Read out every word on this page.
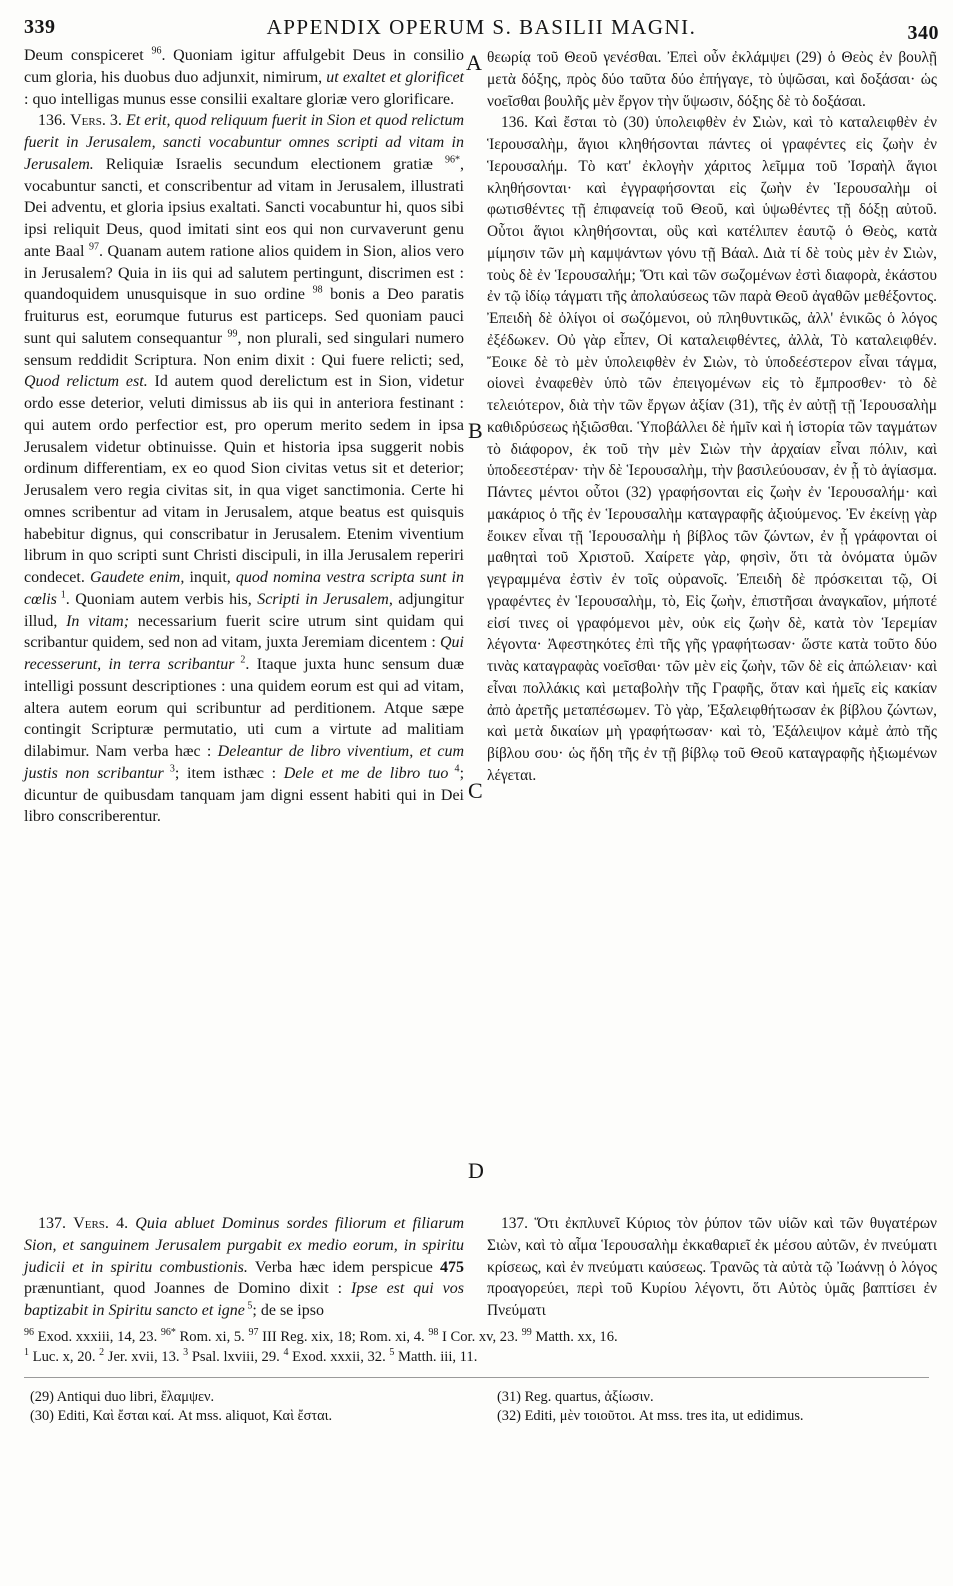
339	APPENDIX OPERUM S. BASILII MAGNI.	340
A
B
C
D

Deum conspiceret $^{96}$. Quoniam igitur affulgebit Deus in consilio cum gloria, his duobus duo adjunxit, nimirum, ut exaltet et glorificet : quo intelligas munus esse consilii exaltare gloriæ vero glorificare.

136. Vers. 3. Et erit, quod reliquum fuerit in Sion et quod relictum fuerit in Jerusalem, sancti vocabuntur omnes scripti ad vitam in Jerusalem. Reliquiæ Israelis secundum electionem gratiæ $^{96*}$, vocabuntur sancti, et conscribentur ad vitam in Jerusalem, illustrati Dei adventu, et gloria ipsius exaltati. Sancti vocabuntur hi, quos sibi ipsi reliquit Deus, quod imitati sint eos qui non curvaverunt genu ante Baal $^{97}$. Quanam autem ratione alios quidem in Sion, alios vero in Jerusalem? Quia in iis qui ad salutem pertingunt, discrimen est : quandoquidem unusquisque in suo ordine $^{98}$ bonis a Deo paratis fruiturus est, eorumque futurus est particeps. Sed quoniam pauci sunt qui salutem consequantur $^{99}$, non plurali, sed singulari numero sensum reddidit Scriptura. Non enim dixit : Qui fuere relicti; sed, Quod relictum est. Id autem quod derelictum est in Sion, videtur ordo esse deterior, veluti dimissus ab iis qui in anteriora festinant : qui autem ordo perfectior est, pro operum merito sedem in ipsa Jerusalem videtur obtinuisse. Quin et historia ipsa suggerit nobis ordinum differentiam, ex eo quod Sion civitas vetus sit et deterior; Jerusalem vero regia civitas sit, in qua viget sanctimonia. Certe hi omnes scribentur ad vitam in Jerusalem, atque beatus est quisquis habebitur dignus, qui conscribatur in Jerusalem. Etenim viventium librum in quo scripti sunt Christi discipuli, in illa Jerusalem reperiri condecet. Gaudete enim, inquit, quod nomina vestra scripta sunt in cœlis $^1$. Quoniam autem verbis his, Scripti in Jerusalem, adjungitur illud, In vitam; necessarium fuerit scire utrum sint quidam qui scribantur quidem, sed non ad vitam, juxta Jeremiam dicentem : Qui recesserunt, in terra scribantur $^2$. Itaque juxta hunc sensum duæ intelligi possunt descriptiones : una quidem eorum est qui ad vitam, altera autem eorum qui scribuntur ad perditionem. Atque sæpe contingit Scripturæ permutatio, uti cum a virtute ad malitiam dilabimur. Nam verba hæc : Deleantur de libro viventium, et cum justis non scribantur $^3$; item isthæc : Dele et me de libro tuo $^4$; dicuntur de quibusdam tanquam jam digni essent habiti qui in Dei libro conscriberentur.

137. Vers. 4. Quia abluet Dominus sordes filiorum et filiarum Sion, et sanguinem Jerusalem purgabit ex medio eorum, in spiritu judicii et in spiritu combustionis. Verba hæc idem perspicue 475 prænuntiant, quod Joannes de Domino dixit : Ipse est qui vos baptizabit in Spiritu sancto et igne $^5$; de se ipso

θεωρίᾳ τοῦ Θεοῦ γενέσθαι. Ἐπεὶ οὖν ἐκλάμψει (29) ὁ Θεὸς ἐν βουλῇ μετὰ δόξης, πρὸς δύο ταῦτα δύο ἐπήγαγε, τὸ ὑψῶσαι, καὶ δοξάσαι· ὡς νοεῖσθαι βουλῆς μὲν ἔργον τὴν ὕψωσιν, δόξης δὲ τὸ δοξάσαι.

136. Καὶ ἔσται τὸ (30) ὑπολειφθὲν ἐν Σιὼν, καὶ τὸ καταλειφθὲν ἐν Ἱερουσαλὴμ, ἅγιοι κληθήσονται πάντες οἱ γραφέντες εἰς ζωὴν ἐν Ἱερουσαλήμ. Τὸ κατ' ἐκλογὴν χάριτος λεῖμμα τοῦ Ἰσραὴλ ἅγιοι κληθήσονται· καὶ ἐγγραφήσονται εἰς ζωὴν ἐν Ἱερουσαλὴμ οἱ φωτισθέντες τῇ ἐπιφανείᾳ τοῦ Θεοῦ, καὶ ὑψωθέντες τῇ δόξῃ αὐτοῦ. Οὗτοι ἅγιοι κληθήσονται, οὓς καὶ κατέλιπεν ἑαυτῷ ὁ Θεὸς, κατὰ μίμησιν τῶν μὴ καμψάντων γόνυ τῇ Βάαλ. Διὰ τί δὲ τοὺς μὲν ἐν Σιὼν, τοὺς δὲ ἐν Ἱερουσαλήμ; Ὅτι καὶ τῶν σωζομένων ἐστὶ διαφορὰ, ἑκάστου ἐν τῷ ἰδίῳ τάγματι τῆς ἀπολαύσεως τῶν παρὰ Θεοῦ ἀγαθῶν μεθέξοντος. Ἐπειδὴ δὲ ὀλίγοι οἱ σωζόμενοι, οὐ πληθυντικῶς, ἀλλ' ἑνικῶς ὁ λόγος ἐξέδωκεν. Οὐ γὰρ εἶπεν, Οἱ καταλειφθέντες, ἀλλὰ, Τὸ καταλειφθέν. Ἔοικε δὲ τὸ μὲν ὑπολειφθὲν ἐν Σιὼν, τὸ ὑποδεέστερον εἶναι τάγμα, οἱονεὶ ἐναφεθὲν ὑπὸ τῶν ἐπειγομένων εἰς τὸ ἔμπροσθεν· τὸ δὲ τελειότερον, διὰ τὴν τῶν ἔργων ἀξίαν (31), τῆς ἐν αὐτῇ τῇ Ἱερουσαλὴμ καθιδρύσεως ἠξιῶσθαι. Ὑποβάλλει δὲ ἡμῖν καὶ ἡ ἱστορία τῶν ταγμάτων τὸ διάφορον, ἐκ τοῦ τὴν μὲν Σιὼν τὴν ἀρχαίαν εἶναι πόλιν, καὶ ὑποδεεστέραν· τὴν δὲ Ἱερουσαλὴμ, τὴν βασιλεύουσαν, ἐν ᾗ τὸ ἁγίασμα. Πάντες μέντοι οὗτοι (32) γραφήσονται εἰς ζωὴν ἐν Ἱερουσαλήμ· καὶ μακάριος ὁ τῆς ἐν Ἱερουσαλὴμ καταγραφῆς ἀξιούμενος. Ἐν ἐκείνῃ γὰρ ἔοικεν εἶναι τῇ Ἱερουσαλὴμ ἡ βίβλος τῶν ζώντων, ἐν ᾗ γράφονται οἱ μαθηταὶ τοῦ Χριστοῦ. Χαίρετε γὰρ, φησὶν, ὅτι τὰ ὀνόματα ὑμῶν γεγραμμένα ἐστὶν ἐν τοῖς οὐρανοῖς. Ἐπειδὴ δὲ πρόσκειται τῷ, Οἱ γραφέντες ἐν Ἱερουσαλὴμ, τὸ, Εἰς ζωὴν, ἐπιστῆσαι ἀναγκαῖον, μήποτέ εἰσί τινες οἱ γραφόμενοι μὲν, οὐκ εἰς ζωὴν δὲ, κατὰ τὸν Ἱερεμίαν λέγοντα· Ἀφεστηκότες ἐπὶ τῆς γῆς γραφήτωσαν· ὥστε κατὰ τοῦτο δύο τινὰς καταγραφὰς νοεῖσθαι· τῶν μὲν εἰς ζωὴν, τῶν δὲ εἰς ἀπώλειαν· καὶ εἶναι πολλάκις καὶ μεταβολὴν τῆς Γραφῆς, ὅταν καὶ ἡμεῖς εἰς κακίαν ἀπὸ ἀρετῆς μεταπέσωμεν. Τὸ γὰρ, Ἐξαλειφθήτωσαν ἐκ βίβλου ζώντων, καὶ μετὰ δικαίων μὴ γραφήτωσαν· καὶ τὸ, Ἐξάλειψον κἀμὲ ἀπὸ τῆς βίβλου σου· ὡς ἤδη τῆς ἐν τῇ βίβλῳ τοῦ Θεοῦ καταγραφῆς ἠξιωμένων λέγεται.

137. Ὅτι ἐκπλυνεῖ Κύριος τὸν ῥύπον τῶν υἱῶν καὶ τῶν θυγατέρων Σιὼν, καὶ τὸ αἷμα Ἱερουσαλὴμ ἐκκαθαριεῖ ἐκ μέσου αὐτῶν, ἐν πνεύματι κρίσεως, καὶ ἐν πνεύματι καύσεως. Τρανῶς τὰ αὐτὰ τῷ Ἰωάννῃ ὁ λόγος προαγορεύει, περὶ τοῦ Κυρίου λέγοντι, ὅτι Αὐτὸς ὑμᾶς βαπτίσει ἐν Πνεύματι

$^{96}$ Exod. xxxiii, 14, 23. $^{96*}$ Rom. xi, 5. $^{97}$ III Reg. xix, 18; Rom. xi, 4. $^{98}$ I Cor. xv, 23. $^{99}$ Matth. xx, 16.

$^1$ Luc. x, 20. $^2$ Jer. xvii, 13. $^3$ Psal. lxviii, 29. $^4$ Exod. xxxii, 32. $^5$ Matth. iii, 11.

(29) Antiqui duo libri, ἔλαμψεν.

(30) Editi, Καὶ ἔσται καί. At mss. aliquot, Καὶ ἔσται.

(31) Reg. quartus, ἀξίωσιν.

(32) Editi, μὲν τοιοῦτοι. At mss. tres ita, ut edidimus.
